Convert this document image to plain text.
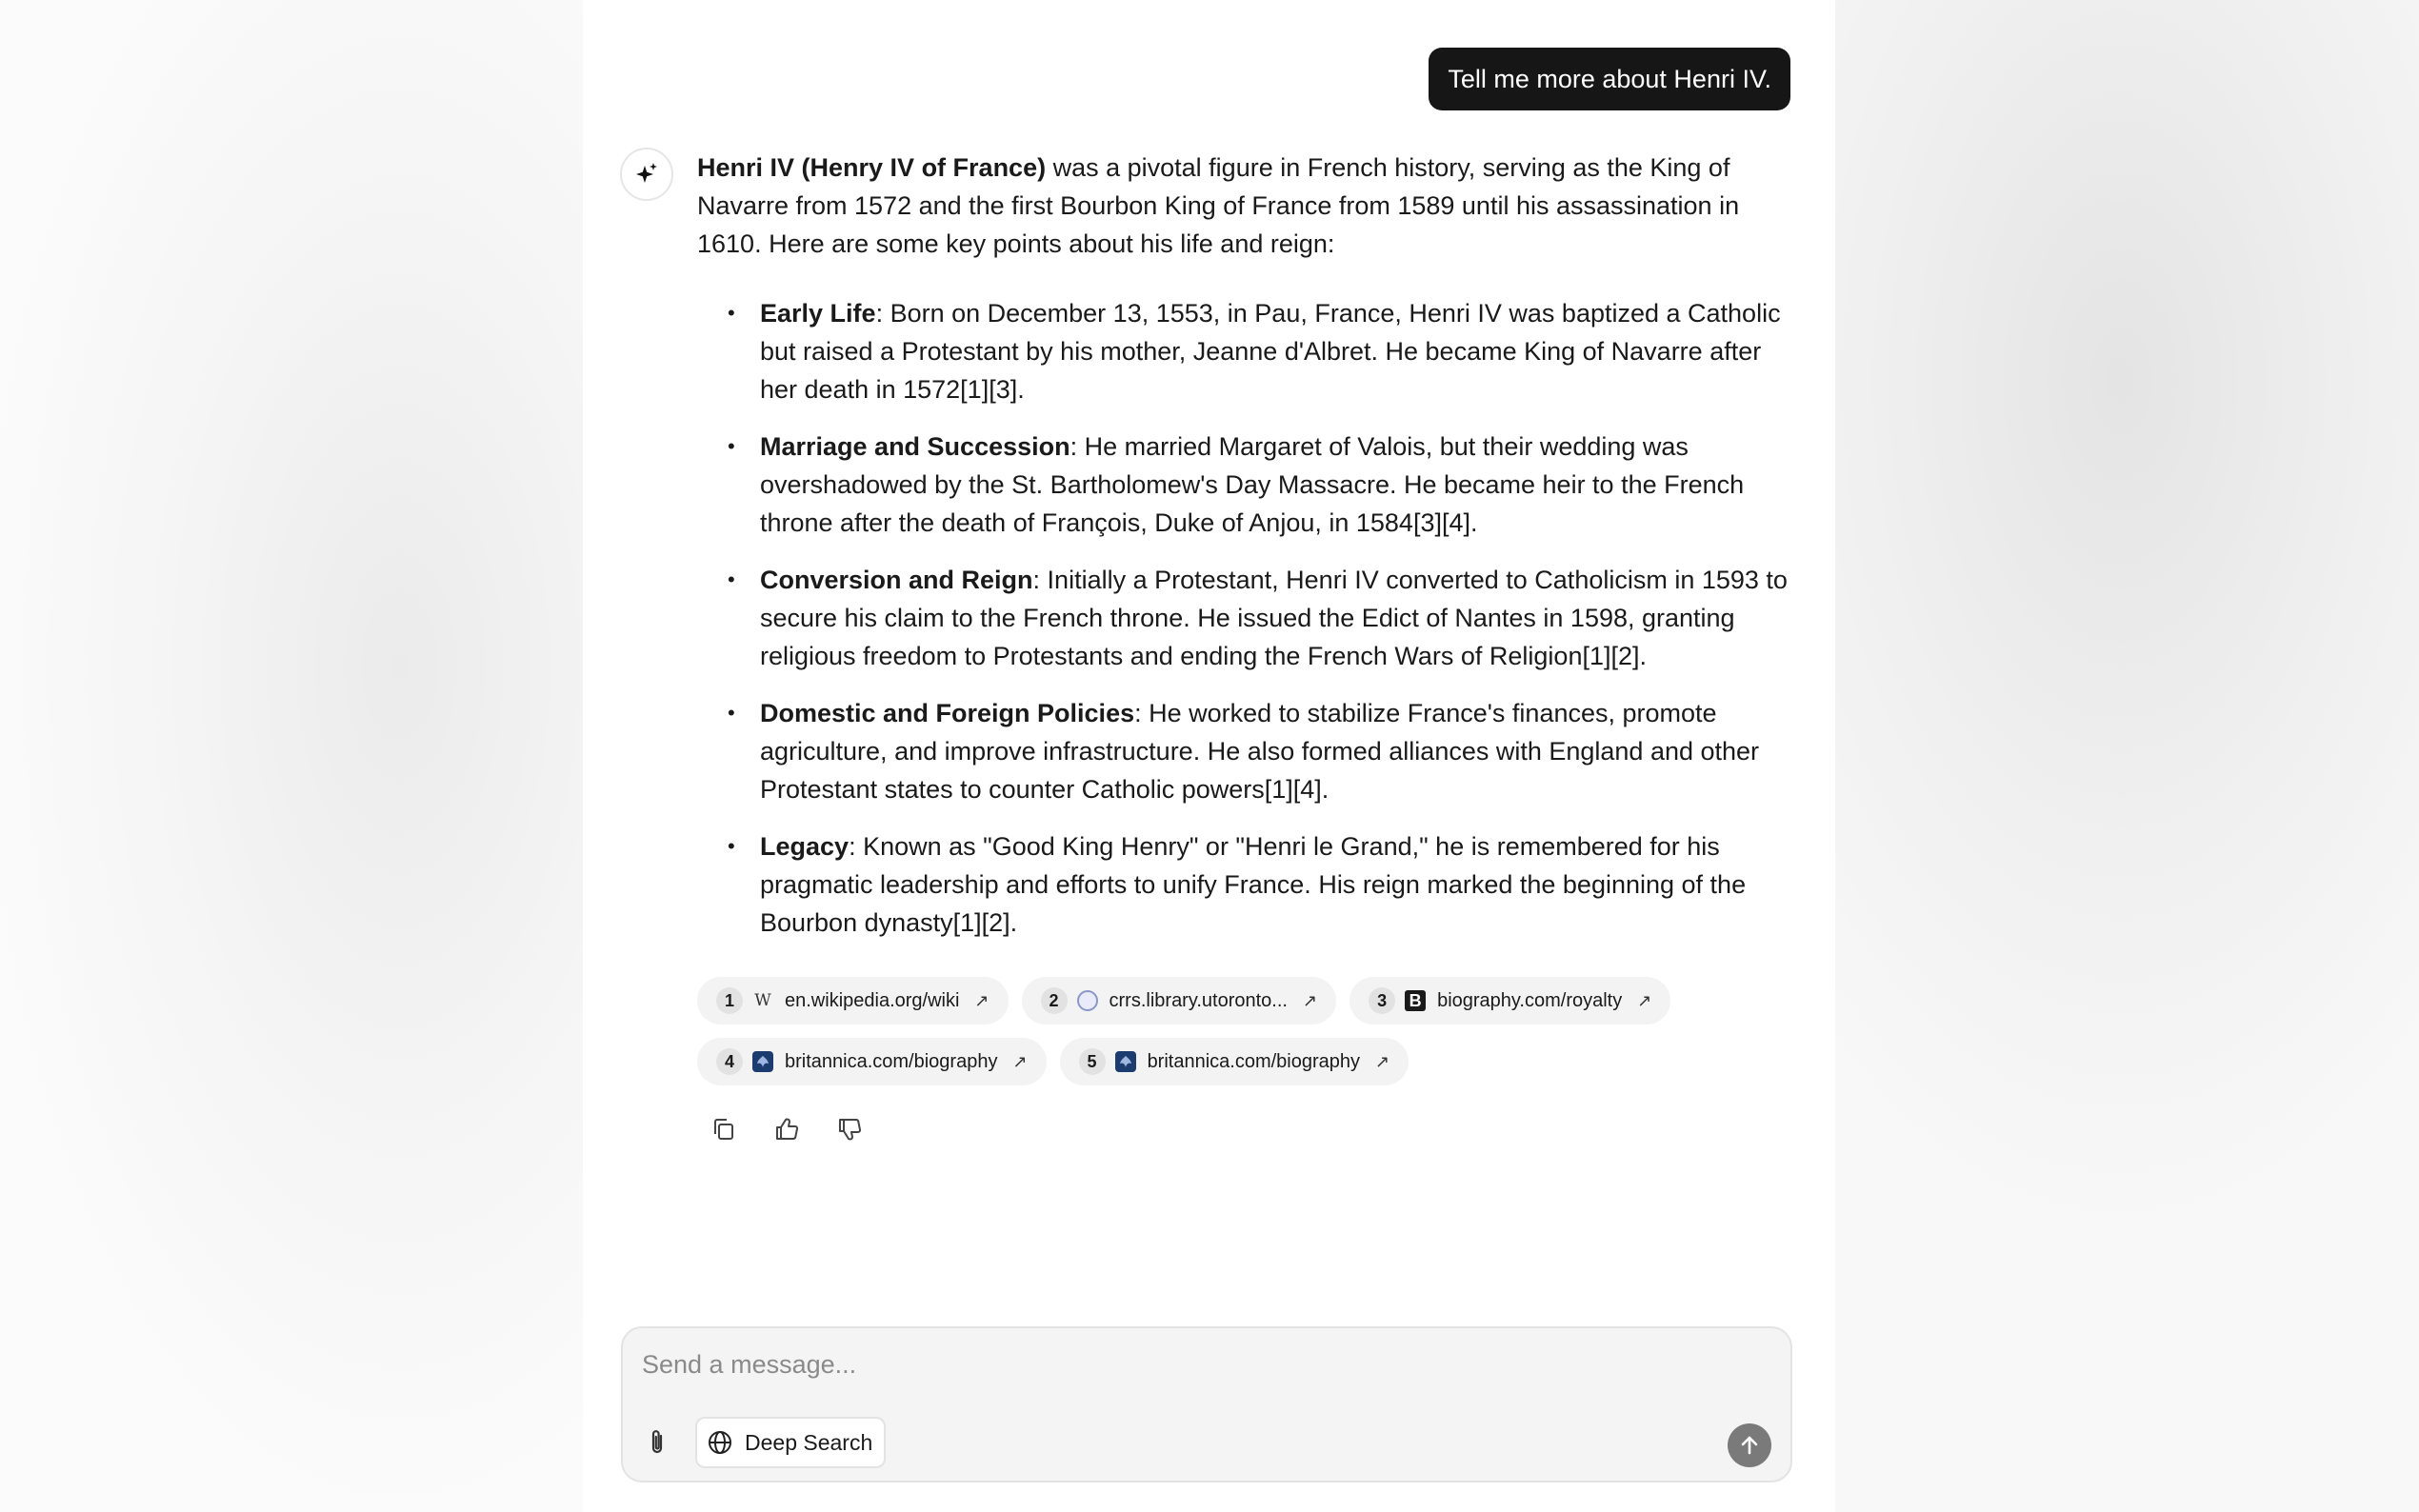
Tell me more about Henri IV.

Henri IV (Henry IV of France) was a pivotal figure in French history, serving as the King of Navarre from 1572 and the first Bourbon King of France from 1589 until his assassination in 1610. Here are some key points about his life and reign:

• Early Life: Born on December 13, 1553, in Pau, France, Henri IV was baptized a Catholic but raised a Protestant by his mother, Jeanne d'Albret. He became King of Navarre after her death in 1572[1][3].
• Marriage and Succession: He married Margaret of Valois, but their wedding was overshadowed by the St. Bartholomew's Day Massacre. He became heir to the French throne after the death of François, Duke of Anjou, in 1584[3][4].
• Conversion and Reign: Initially a Protestant, Henri IV converted to Catholicism in 1593 to secure his claim to the French throne. He issued the Edict of Nantes in 1598, granting religious freedom to Protestants and ending the French Wars of Religion[1][2].
• Domestic and Foreign Policies: He worked to stabilize France's finances, promote agriculture, and improve infrastructure. He also formed alliances with England and other Protestant states to counter Catholic powers[1][4].
• Legacy: Known as "Good King Henry" or "Henri le Grand," he is remembered for his pragmatic leadership and efforts to unify France. His reign marked the beginning of the Bourbon dynasty[1][2].
1	W en.wikipedia.org/wiki ↗	2	crrs.library.utoronto... ↗	3	B biography.com/royalty ↗
4	britannica.com/biography ↗	5	britannica.com/biography ↗
Send a message...
Deep Search
